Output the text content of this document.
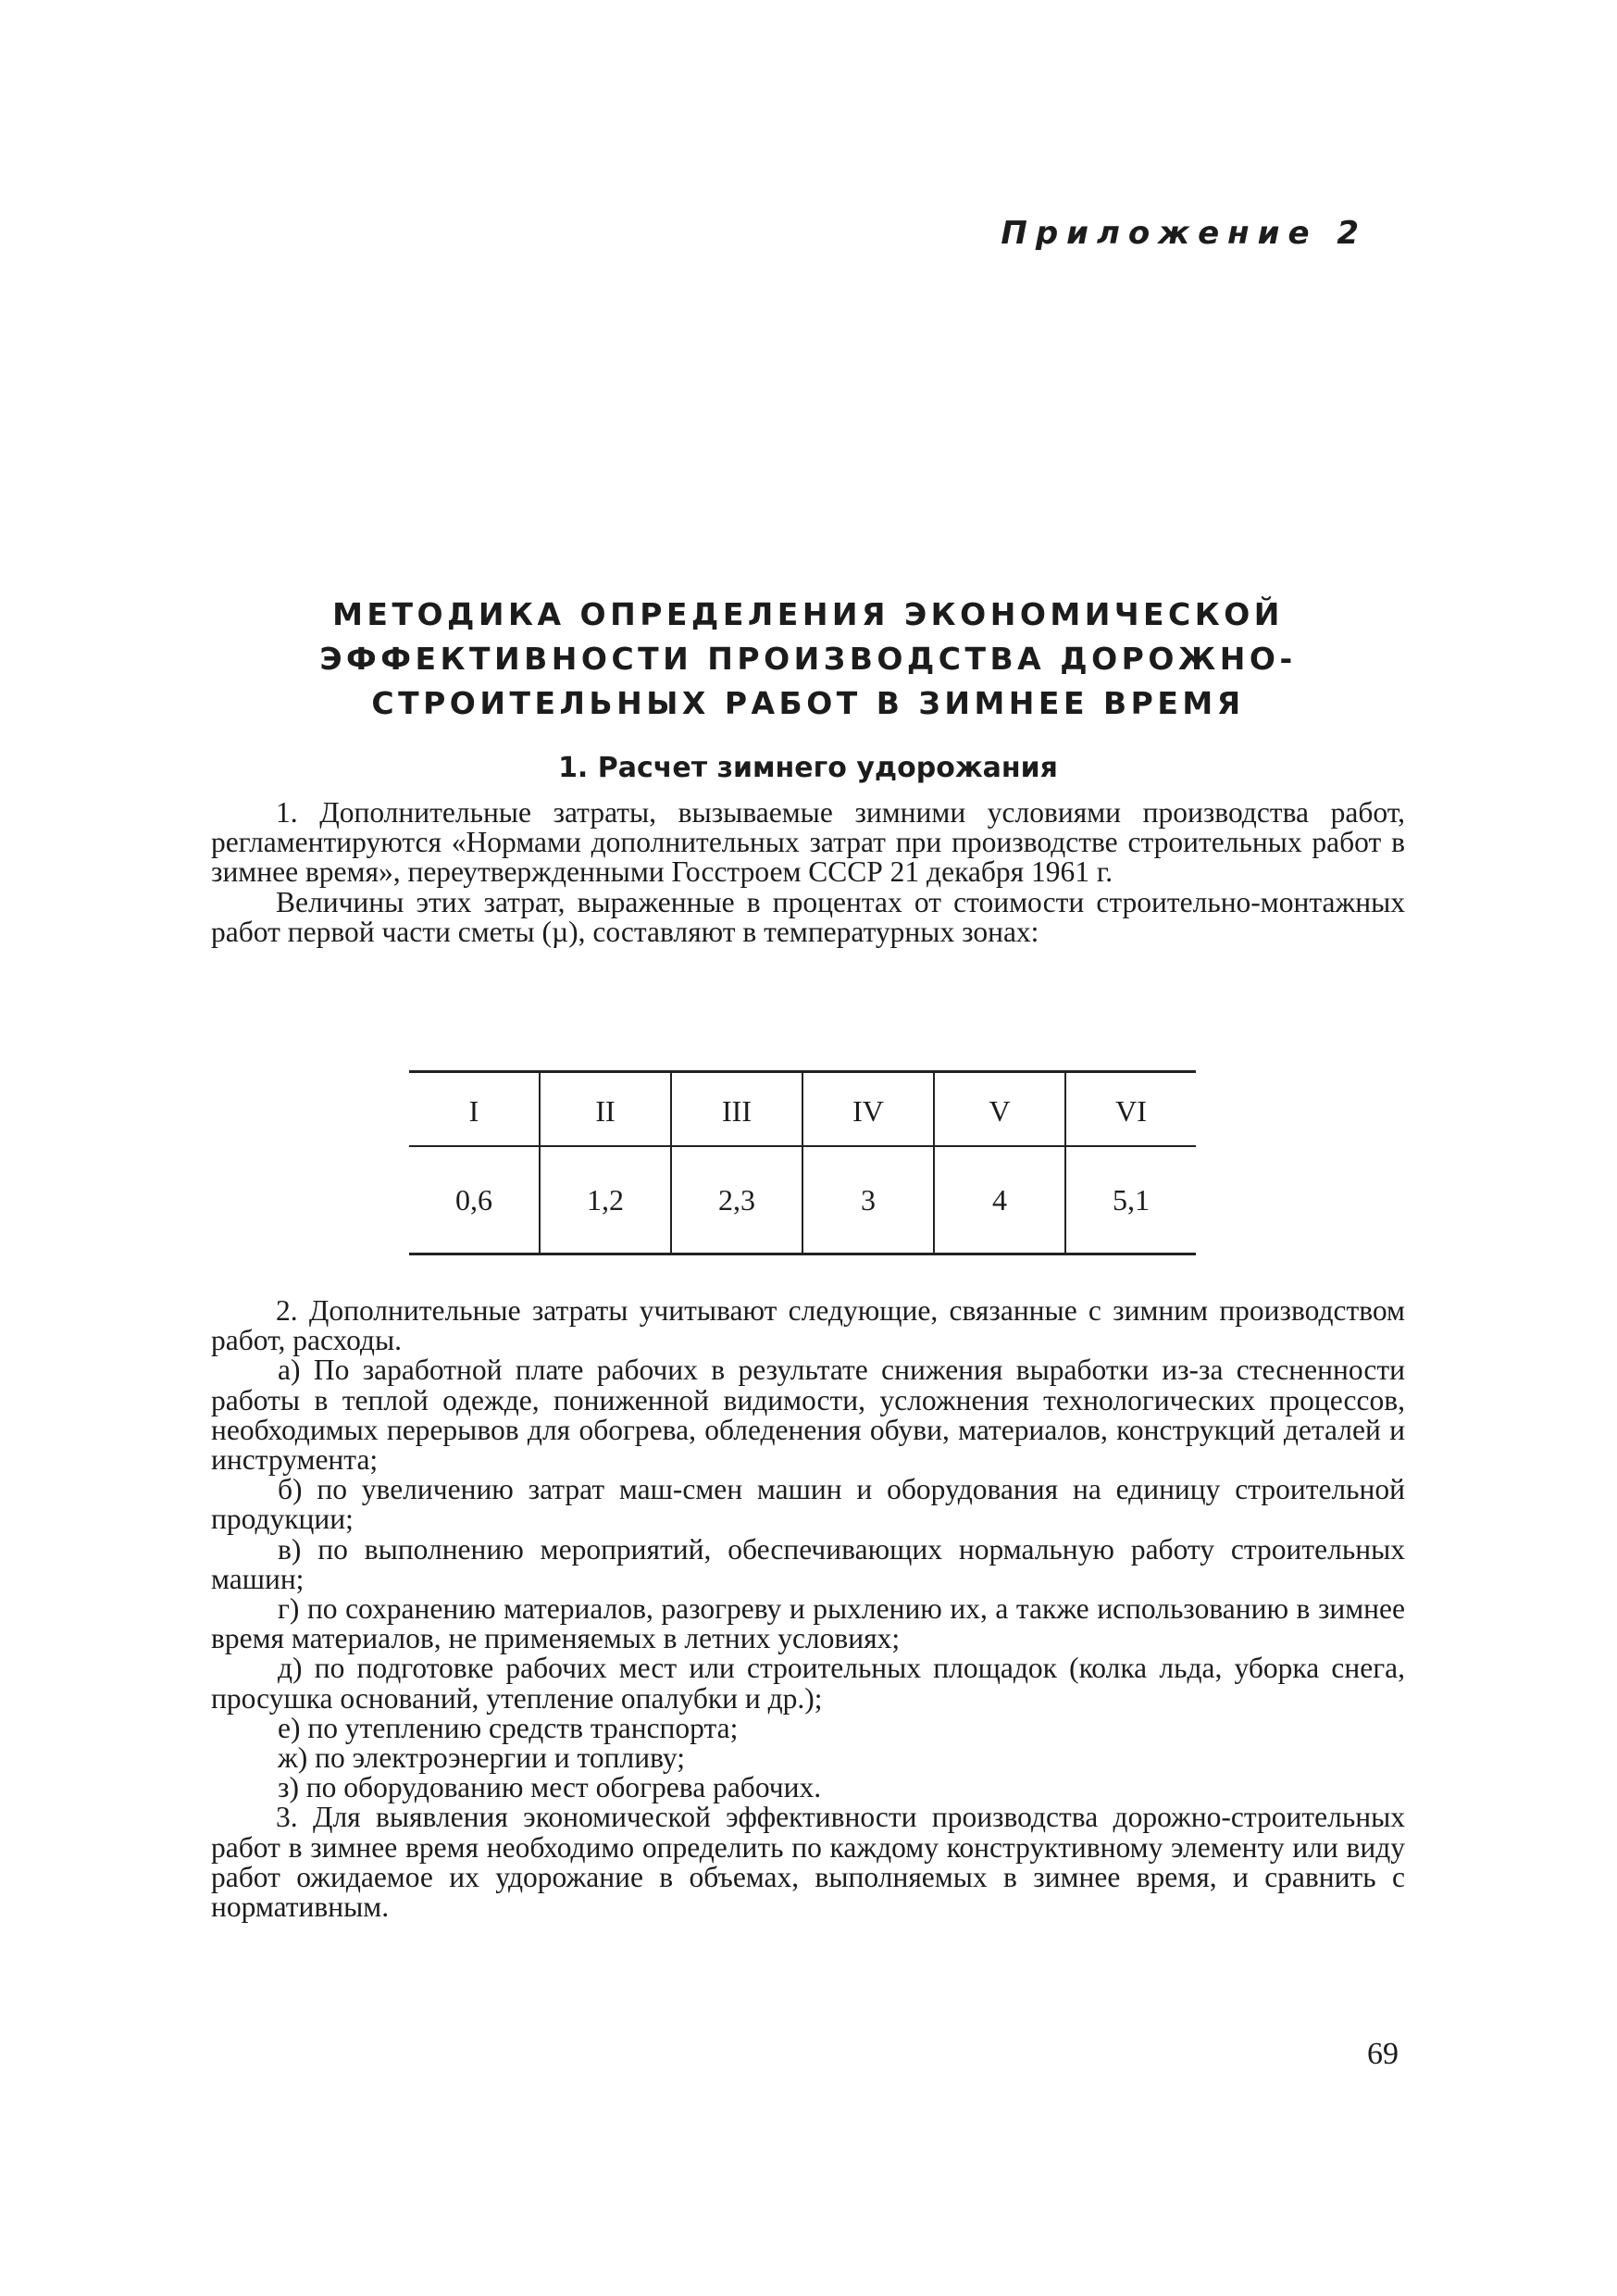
Приложение 2
МЕТОДИКА ОПРЕДЕЛЕНИЯ ЭКОНОМИЧЕСКОЙ ЭФФЕКТИВНОСТИ ПРОИЗВОДСТВА ДОРОЖНО-СТРОИТЕЛЬНЫХ РАБОТ В ЗИМНЕЕ ВРЕМЯ
1. Расчет зимнего удорожания

1. Дополнительные затраты, вызываемые зимними условиями производства работ, регламентируются «Нормами дополнительных затрат при производстве строительных работ в зимнее время», переутвержденными Госстроем СССР 21 декабря 1961 г.

Величины этих затрат, выраженные в процентах от стоимости строительно-монтажных работ первой части сметы (µ), составляют в температурных зонах:

I	II	III	IV	V	VI
0,6	1,2	2,3	3	4	5,1

2. Дополнительные затраты учитывают следующие, связанные с зимним производством работ, расходы.

а) По заработной плате рабочих в результате снижения выработки из-за стесненности работы в теплой одежде, пониженной видимости, усложнения технологических процессов, необходимых перерывов для обогрева, обледенения обуви, материалов, конструкций деталей и инструмента;

б) по увеличению затрат маш-смен машин и оборудования на единицу строительной продукции;

в) по выполнению мероприятий, обеспечивающих нормальную работу строительных машин;

г) по сохранению материалов, разогреву и рыхлению их, а также использованию в зимнее время материалов, не применяемых в летних условиях;

д) по подготовке рабочих мест или строительных площадок (колка льда, уборка снега, просушка оснований, утепление опалубки и др.);

е) по утеплению средств транспорта;

ж) по электроэнергии и топливу;

з) по оборудованию мест обогрева рабочих.

3. Для выявления экономической эффективности производства дорожно-строительных работ в зимнее время необходимо определить по каждому конструктивному элементу или виду работ ожидаемое их удорожание в объемах, выполняемых в зимнее время, и сравнить с нормативным.

69
